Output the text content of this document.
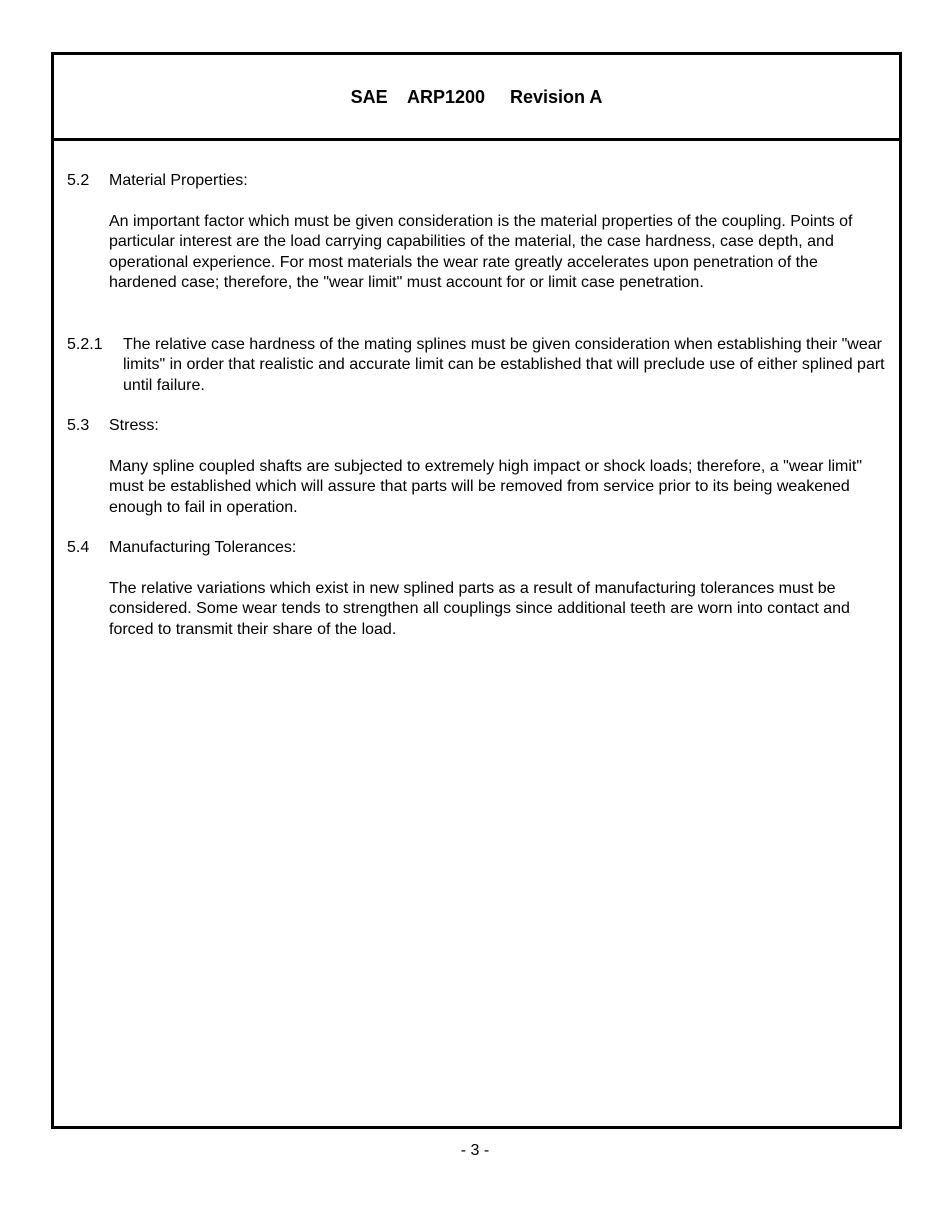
SAE    ARP1200     Revision A
5.2 Material Properties:
An important factor which must be given consideration is the material properties of the coupling. Points of particular interest are the load carrying capabilities of the material, the case hardness, case depth, and operational experience. For most materials the wear rate greatly accelerates upon penetration of the hardened case; therefore, the "wear limit" must account for or limit case penetration.
5.2.1 The relative case hardness of the mating splines must be given consideration when establishing their "wear limits" in order that realistic and accurate limit can be established that will preclude use of either splined part until failure.
5.3 Stress:
Many spline coupled shafts are subjected to extremely high impact or shock loads; therefore, a "wear limit" must be established which will assure that parts will be removed from service prior to its being weakened enough to fail in operation.
5.4 Manufacturing Tolerances:
The relative variations which exist in new splined parts as a result of manufacturing tolerances must be considered. Some wear tends to strengthen all couplings since additional teeth are worn into contact and forced to transmit their share of the load.
- 3 -
